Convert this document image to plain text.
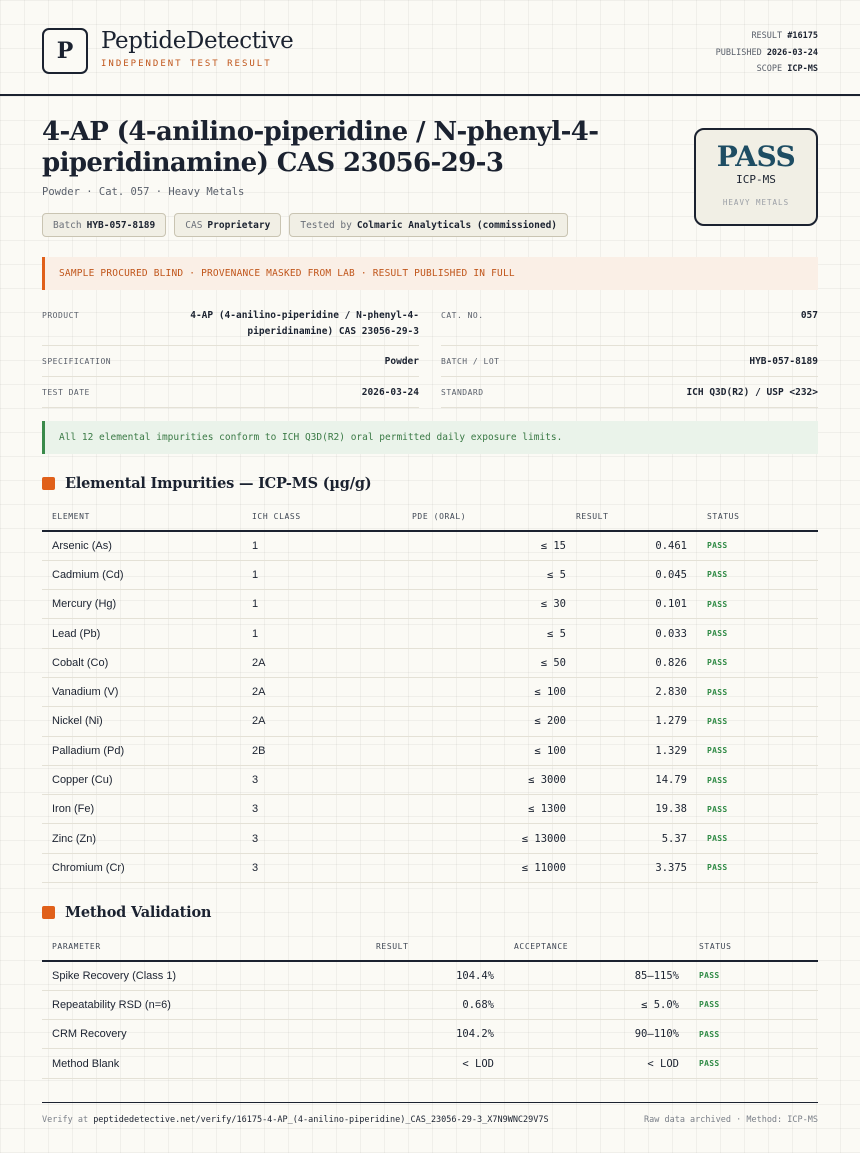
P	PeptideDetective
INDEPENDENT TEST RESULT
RESULT #16175
PUBLISHED 2026-03-24
SCOPE ICP-MS
4-AP (4-anilino-piperidine / N-phenyl-4-piperidinamine) CAS 23056-29-3
Powder · Cat. 057 · Heavy Metals
Batch HYB-057-8189	CAS Proprietary	Tested by Colmaric Analyticals (commissioned)
PASS
ICP-MS
HEAVY METALS
SAMPLE PROCURED BLIND · PROVENANCE MASKED FROM LAB · RESULT PUBLISHED IN FULL
PRODUCT	4-AP (4-anilino-piperidine / N-phenyl-4-
piperidinamine) CAS 23056-29-3
CAT. NO.	057
SPECIFICATION	Powder	BATCH / LOT	HYB-057-8189
TEST DATE	2026-03-24	STANDARD	ICH Q3D(R2) / USP <232>
All 12 elemental impurities conform to ICH Q3D(R2) oral permitted daily exposure limits.
Elemental Impurities — ICP-MS (µg/g)
ELEMENT	ICH CLASS	PDE (ORAL)	RESULT	STATUS
Arsenic (As)	1	≤ 15	0.461	PASS
Cadmium (Cd)	1	≤ 5	0.045	PASS
Mercury (Hg)	1	≤ 30	0.101	PASS
Lead (Pb)	1	≤ 5	0.033	PASS
Cobalt (Co)	2A	≤ 50	0.826	PASS
Vanadium (V)	2A	≤ 100	2.830	PASS
Nickel (Ni)	2A	≤ 200	1.279	PASS
Palladium (Pd)	2B	≤ 100	1.329	PASS
Copper (Cu)	3	≤ 3000	14.79	PASS
Iron (Fe)	3	≤ 1300	19.38	PASS
Zinc (Zn)	3	≤ 13000	5.37	PASS
Chromium (Cr)	3	≤ 11000	3.375	PASS
Method Validation
PARAMETER	RESULT	ACCEPTANCE	STATUS
Spike Recovery (Class 1)	104.4%	85–115%	PASS
Repeatability RSD (n=6)	0.68%	≤ 5.0%	PASS
CRM Recovery	104.2%	90–110%	PASS
Method Blank	< LOD	< LOD	PASS
Verify at peptidedetective.net/verify/16175-4-AP_(4-anilino-piperidine)_CAS_23056-29-3_X7N9WNC29V7S	Raw data archived · Method: ICP-MS
